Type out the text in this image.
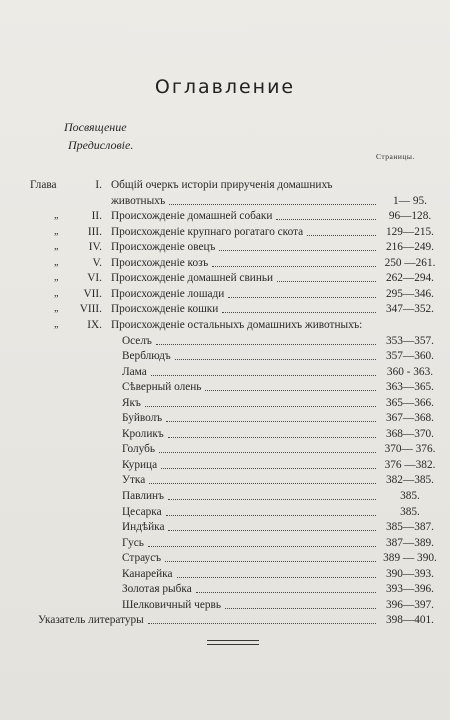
Оглавление
Посвящение
Предисловіе.
Страницы.
Глава	I. Общій очеркъ исторіи прирученія домашнихъ
животныхъ	1— 95.
„	II. Происхожденіе домашней собаки	96—128.
„	III. Происхожденіе крупнаго рогатаго скота	129—215.
„	IV. Происхожденіе овецъ	216—249.
„	V. Происхожденіе козъ	250 —261.
„	VI. Происхожденіе домашней свиньи	262—294.
„ VII. Происхожденіе лошади	295—346.
„ VIII. Происхожденіе кошки	347—352.
„	IX. Происхожденіе остальныхъ домашнихъ животныхъ:
Оселъ	353—357.
Верблюдъ	357—360.
Лама	360 - 363.
Сѣверный олень	363—365.
Якъ	365—366.
Буйволъ	367—368.
Кроликъ	368—370.
Голубь	370— 376.
Курица	376 —382.
Утка	382—385.
Павлинъ	385.
Цесарка	385.
Индѣйка	385—387.
Гусь	387—389.
Страусъ	389 — 390.
Канарейка	390—393.
Золотая рыбка	393—396.
Шелковичный червь	396—397.
Указатель литературы	398—401.
